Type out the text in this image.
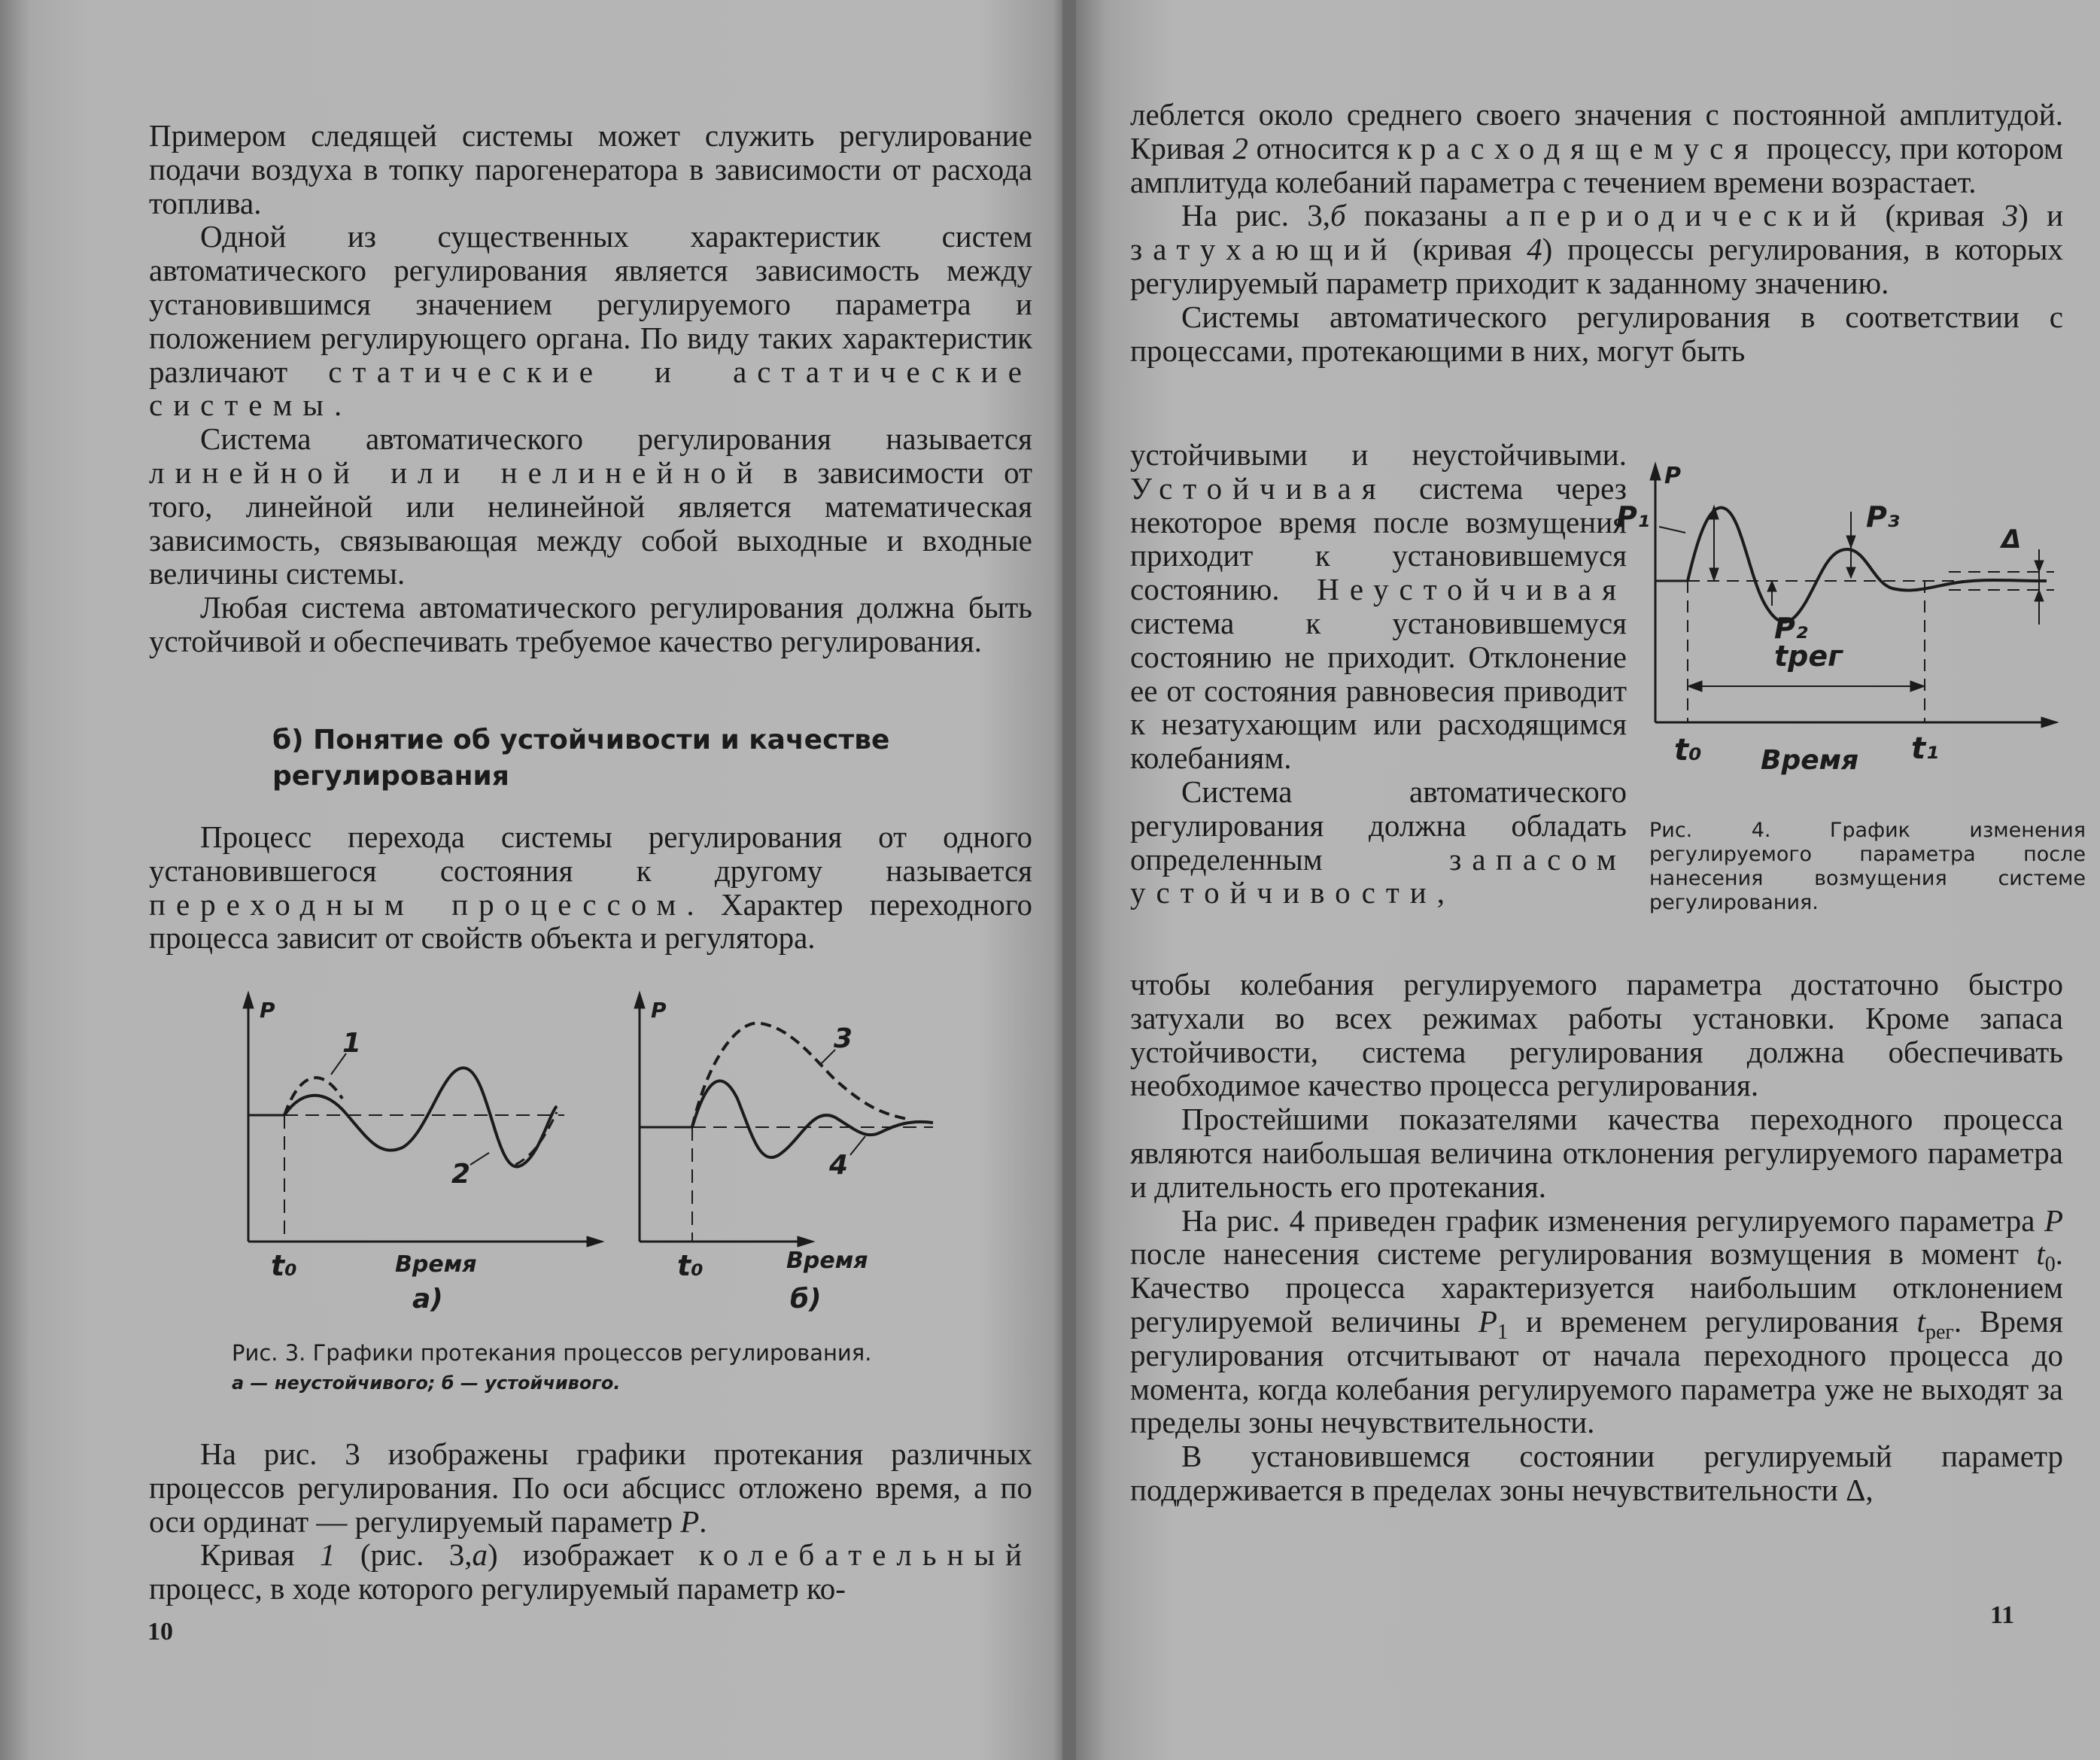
Примером следящей системы может служить регулирование подачи воздуха в топку парогенератора в зависимости от расхода топлива.

Одной из существенных характеристик систем автоматического регулирования является зависимость между установившимся значением регулируемого параметра и положением регулирующего органа. По виду таких характеристик различают статические и астатические системы.

Система автоматического регулирования называется линейной или нелинейной в зависимости от того, линейной или нелинейной является математическая зависимость, связывающая между собой выходные и входные величины системы.

Любая система автоматического регулирования должна быть устойчивой и обеспечивать требуемое качество регулирования.

б) Понятие об устойчивости и качестве регулирования

Процесс перехода системы регулирования от одного установившегося состояния к другому называется переходным процессом. Характер переходного процесса зависит от свойств объекта и регулятора.

P
1
2
t₀	Время
а)
P
3
4
t₀	Время
б)
Рис. 3. Графики протекания процессов регулирования.
а — неустойчивого; б — устойчивого.

На рис. 3 изображены графики протекания различных процессов регулирования. По оси абсцисс отложено время, а по оси ординат — регулируемый параметр P.

Кривая 1 (рис. 3,а) изображает колебательный процесс, в ходе которого регулируемый параметр ко-

10

леблется около среднего своего значения с постоянной амплитудой. Кривая 2 относится к расходящемуся процессу, при котором амплитуда колебаний параметра с течением времени возрастает.

На рис. 3,б показаны апериодический (кривая 3) и затухающий (кривая 4) процессы регулирования, в которых регулируемый параметр приходит к заданному значению.

Системы автоматического регулирования в соответствии с процессами, протекающими в них, могут быть

устойчивыми и неустойчивыми. Устойчивая система через некоторое время после возмущения приходит к установившемуся состоянию. Неустойчивая система к установившемуся состоянию не приходит. Отклонение ее от состояния равновесия приводит к незатухающим или расходящимся колебаниям.

Система автоматического регулирования должна обладать определенным запасом устойчивости,

P
P₁
P₂
P₃
Δ
tрег
t₀ Время t₁
Рис. 4. График изменения регулируемого параметра после нанесения возмущения системе регулирования.

чтобы колебания регулируемого параметра достаточно быстро затухали во всех режимах работы установки. Кроме запаса устойчивости, система регулирования должна обеспечивать необходимое качество процесса регулирования.

Простейшими показателями качества переходного процесса являются наибольшая величина отклонения регулируемого параметра и длительность его протекания.

На рис. 4 приведен график изменения регулируемого параметра P после нанесения системе регулирования возмущения в момент $t_0$. Качество процесса характеризуется наибольшим отклонением регулируемой величины $P_1$ и временем регулирования $t_{рег}$. Время регулирования отсчитывают от начала переходного процесса до момента, когда колебания регулируемого параметра уже не выходят за пределы зоны нечувствительности.

В установившемся состоянии регулируемый параметр поддерживается в пределах зоны нечувствительности Δ,

11
